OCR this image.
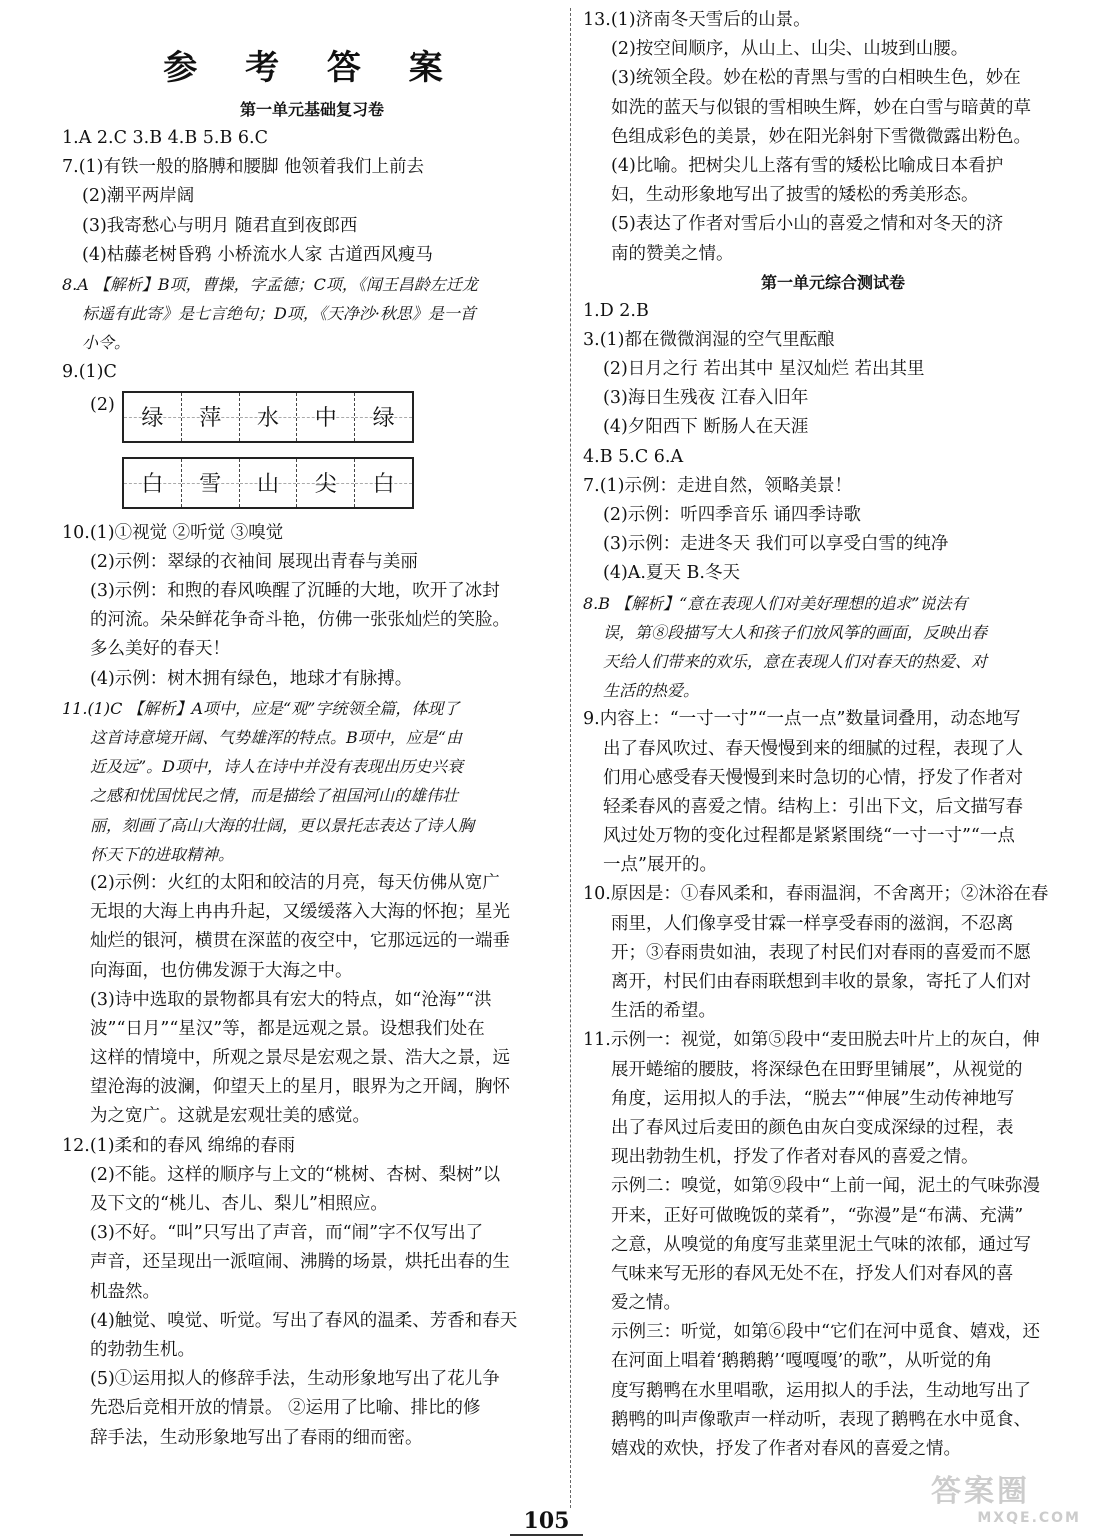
参 考 答 案
第一单元基础复习卷
1.A 2.C 3.B 4.B 5.B 6.C
7.(1)有铁一般的胳膊和腰脚 他领着我们上前去
(2)潮平两岸阔
(3)我寄愁心与明月 随君直到夜郎西
(4)枯藤老树昏鸦 小桥流水人家 古道西风瘦马
8.A 【解析】B项，曹操，字孟德；C项，《闻王昌龄左迁龙
标遥有此寄》是七言绝句；D项，《天净沙·秋思》是一首
小令。
9.(1)C
(2)
绿 萍 水 中 绿
白 雪 山 尖 白
10.(1)①视觉 ②听觉 ③嗅觉
(2)示例：翠绿的衣袖间 展现出青春与美丽
(3)示例：和煦的春风唤醒了沉睡的大地，吹开了冰封
的河流。朵朵鲜花争奇斗艳，仿佛一张张灿烂的笑脸。
多么美好的春天！
(4)示例：树木拥有绿色，地球才有脉搏。
11.(1)C 【解析】A项中，应是“观”字统领全篇，体现了
这首诗意境开阔、气势雄浑的特点。B项中，应是“由
近及远”。D项中，诗人在诗中并没有表现出历史兴衰
之感和忧国忧民之情，而是描绘了祖国河山的雄伟壮
丽，刻画了高山大海的壮阔，更以景托志表达了诗人胸
怀天下的进取精神。
(2)示例：火红的太阳和皎洁的月亮，每天仿佛从宽广
无垠的大海上冉冉升起，又缓缓落入大海的怀抱；星光
灿烂的银河，横贯在深蓝的夜空中，它那远远的一端垂
向海面，也仿佛发源于大海之中。
(3)诗中选取的景物都具有宏大的特点，如“沧海”“洪
波”“日月”“星汉”等，都是远观之景。设想我们处在
这样的情境中，所观之景尽是宏观之景、浩大之景，远
望沧海的波澜，仰望天上的星月，眼界为之开阔，胸怀
为之宽广。这就是宏观壮美的感觉。
12.(1)柔和的春风 绵绵的春雨
(2)不能。这样的顺序与上文的“桃树、杏树、梨树”以
及下文的“桃儿、杏儿、梨儿”相照应。
(3)不好。“叫”只写出了声音，而“闹”字不仅写出了
声音，还呈现出一派喧闹、沸腾的场景，烘托出春的生
机盎然。
(4)触觉、嗅觉、听觉。写出了春风的温柔、芳香和春天
的勃勃生机。
(5)①运用拟人的修辞手法，生动形象地写出了花儿争
先恐后竞相开放的情景。 ②运用了比喻、排比的修
辞手法，生动形象地写出了春雨的细而密。
13.(1)济南冬天雪后的山景。
(2)按空间顺序，从山上、山尖、山坡到山腰。
(3)统领全段。妙在松的青黑与雪的白相映生色，妙在
如洗的蓝天与似银的雪相映生辉，妙在白雪与暗黄的草
色组成彩色的美景，妙在阳光斜射下雪微微露出粉色。
(4)比喻。把树尖儿上落有雪的矮松比喻成日本看护
妇，生动形象地写出了披雪的矮松的秀美形态。
(5)表达了作者对雪后小山的喜爱之情和对冬天的济
南的赞美之情。
第一单元综合测试卷
1.D 2.B
3.(1)都在微微润湿的空气里酝酿
(2)日月之行 若出其中 星汉灿烂 若出其里
(3)海日生残夜 江春入旧年
(4)夕阳西下 断肠人在天涯
4.B 5.C 6.A
7.(1)示例：走进自然，领略美景！
(2)示例：听四季音乐 诵四季诗歌
(3)示例：走进冬天 我们可以享受白雪的纯净
(4)A.夏天 B.冬天
8.B 【解析】“意在表现人们对美好理想的追求”说法有
误，第⑧段描写大人和孩子们放风筝的画面，反映出春
天给人们带来的欢乐，意在表现人们对春天的热爱、对
生活的热爱。
9.内容上：“一寸一寸”“一点一点”数量词叠用，动态地写
出了春风吹过、春天慢慢到来的细腻的过程，表现了人
们用心感受春天慢慢到来时急切的心情，抒发了作者对
轻柔春风的喜爱之情。结构上：引出下文，后文描写春
风过处万物的变化过程都是紧紧围绕“一寸一寸”“一点
一点”展开的。
10.原因是：①春风柔和，春雨温润，不舍离开；②沐浴在春
雨里，人们像享受甘霖一样享受春雨的滋润，不忍离
开；③春雨贵如油，表现了村民们对春雨的喜爱而不愿
离开，村民们由春雨联想到丰收的景象，寄托了人们对
生活的希望。
11.示例一：视觉，如第⑤段中“麦田脱去叶片上的灰白，伸
展开蜷缩的腰肢，将深绿色在田野里铺展”，从视觉的
角度，运用拟人的手法，“脱去”“伸展”生动传神地写
出了春风过后麦田的颜色由灰白变成深绿的过程，表
现出勃勃生机，抒发了作者对春风的喜爱之情。
示例二：嗅觉，如第⑨段中“上前一闻，泥土的气味弥漫
开来，正好可做晚饭的菜肴”，“弥漫”是“布满、充满”
之意，从嗅觉的角度写韭菜里泥土气味的浓郁，通过写
气味来写无形的春风无处不在，抒发人们对春风的喜
爱之情。
示例三：听觉，如第⑥段中“它们在河中觅食、嬉戏，还
在河面上唱着‘鹅鹅鹅’‘嘎嘎嘎’的歌”，从听觉的角
度写鹅鸭在水里唱歌，运用拟人的手法，生动地写出了
鹅鸭的叫声像歌声一样动听，表现了鹅鸭在水中觅食、
嬉戏的欢快，抒发了作者对春风的喜爱之情。
105
答案圈
MXQE.COM
